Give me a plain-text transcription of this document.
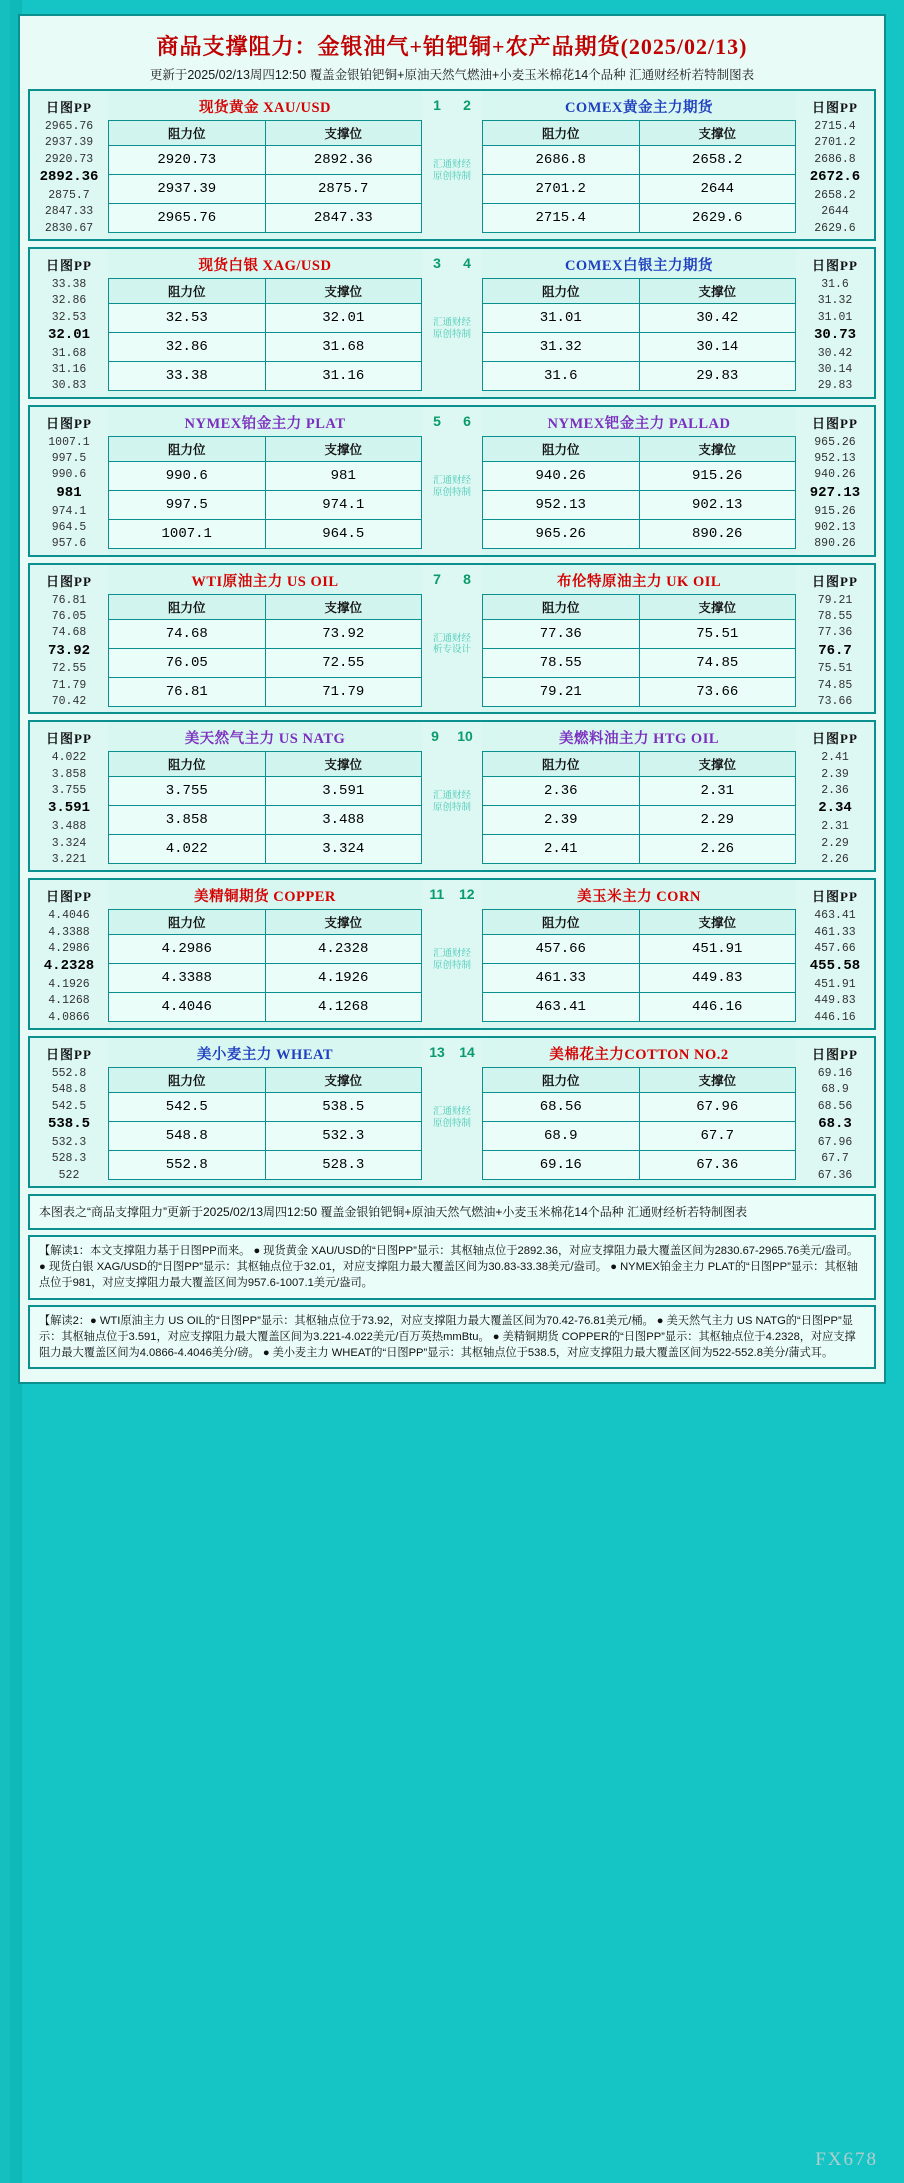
商品支撑阻力：金银油气+铂钯铜+农产品期货(2025/02/13)
更新于2025/02/13周四12:50 覆盖金银铂钯铜+原油天然气燃油+小麦玉米棉花14个品种 汇通财经析若特制图表
日图PP
2965.76
2937.39
2920.73
2892.36
2875.7
2847.33
2830.67
现货黄金 XAU/USD
阻力位	支撑位
2920.73	2892.36
2937.39	2875.7
2965.76	2847.33
1 2
汇通财经
原创特制
COMEX黄金主力期货
阻力位	支撑位
2686.8	2658.2
2701.2	2644
2715.4	2629.6
日图PP
2715.4
2701.2
2686.8
2672.6
2658.2
2644
2629.6
日图PP
33.38
32.86
32.53
32.01
31.68
31.16
30.83
现货白银 XAG/USD
阻力位	支撑位
32.53	32.01
32.86	31.68
33.38	31.16
3 4
汇通财经
原创特制
COMEX白银主力期货
阻力位	支撑位
31.01	30.42
31.32	30.14
31.6	29.83
日图PP
31.6
31.32
31.01
30.73
30.42
30.14
29.83
日图PP
1007.1
997.5
990.6
981
974.1
964.5
957.6
NYMEX铂金主力 PLAT
阻力位	支撑位
990.6	981
997.5	974.1
1007.1	964.5
5 6
汇通财经
原创特制
NYMEX钯金主力 PALLAD
阻力位	支撑位
940.26	915.26
952.13	902.13
965.26	890.26
日图PP
965.26
952.13
940.26
927.13
915.26
902.13
890.26
日图PP
76.81
76.05
74.68
73.92
72.55
71.79
70.42
WTI原油主力 US OIL
阻力位	支撑位
74.68	73.92
76.05	72.55
76.81	71.79
7 8
汇通财经
析专设计
布伦特原油主力 UK OIL
阻力位	支撑位
77.36	75.51
78.55	74.85
79.21	73.66
日图PP
79.21
78.55
77.36
76.7
75.51
74.85
73.66
日图PP
4.022
3.858
3.755
3.591
3.488
3.324
3.221
美天然气主力 US NATG
阻力位	支撑位
3.755	3.591
3.858	3.488
4.022	3.324
9 10
汇通财经
原创特制
美燃料油主力 HTG OIL
阻力位	支撑位
2.36	2.31
2.39	2.29
2.41	2.26
日图PP
2.41
2.39
2.36
2.34
2.31
2.29
2.26
日图PP
4.4046
4.3388
4.2986
4.2328
4.1926
4.1268
4.0866
美精铜期货 COPPER
阻力位	支撑位
4.2986	4.2328
4.3388	4.1926
4.4046	4.1268
11 12
汇通财经
原创特制
美玉米主力 CORN
阻力位	支撑位
457.66	451.91
461.33	449.83
463.41	446.16
日图PP
463.41
461.33
457.66
455.58
451.91
449.83
446.16
日图PP
552.8
548.8
542.5
538.5
532.3
528.3
522
美小麦主力 WHEAT
阻力位	支撑位
542.5	538.5
548.8	532.3
552.8	528.3
13 14
汇通财经
原创特制
美棉花主力COTTON NO.2
阻力位	支撑位
68.56	67.96
68.9	67.7
69.16	67.36
日图PP
69.16
68.9
68.56
68.3
67.96
67.7
67.36
本图表之“商品支撑阻力”更新于2025/02/13周四12:50 覆盖金银铂钯铜+原油天然气燃油+小麦玉米棉花14个品种 汇通财经析若特制图表
【解读1：本文支撑阻力基于日图PP而来。 ● 现货黄金 XAU/USD的“日图PP”显示：其枢轴点位于2892.36，对应支撑阻力最大覆盖区间为2830.67-2965.76美元/盎司。 ● 现货白银 XAG/USD的“日图PP”显示：其枢轴点位于32.01，对应支撑阻力最大覆盖区间为30.83-33.38美元/盎司。 ● NYMEX铂金主力 PLAT的“日图PP”显示：其枢轴点位于981，对应支撑阻力最大覆盖区间为957.6-1007.1美元/盎司。
【解读2：● WTI原油主力 US OIL的“日图PP”显示：其枢轴点位于73.92，对应支撑阻力最大覆盖区间为70.42-76.81美元/桶。 ● 美天然气主力 US NATG的“日图PP”显示：其枢轴点位于3.591，对应支撑阻力最大覆盖区间为3.221-4.022美元/百万英热mmBtu。 ● 美精铜期货 COPPER的“日图PP”显示：其枢轴点位于4.2328，对应支撑阻力最大覆盖区间为4.0866-4.4046美分/磅。 ● 美小麦主力 WHEAT的“日图PP”显示：其枢轴点位于538.5，对应支撑阻力最大覆盖区间为522-552.8美分/蒲式耳。
FX678
